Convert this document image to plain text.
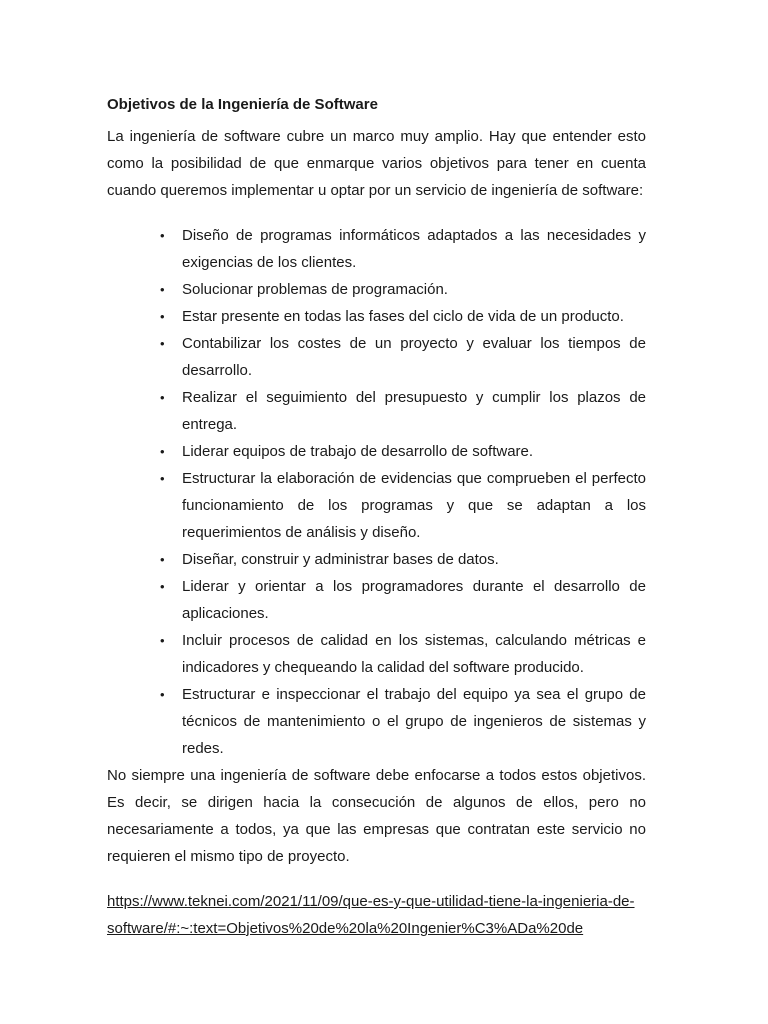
Objetivos de la Ingeniería de Software

La ingeniería de software cubre un marco muy amplio. Hay que entender esto como la posibilidad de que enmarque varios objetivos para tener en cuenta cuando queremos implementar u optar por un servicio de ingeniería de software:

• Diseño de programas informáticos adaptados a las necesidades y exigencias de los clientes.
• Solucionar problemas de programación.
• Estar presente en todas las fases del ciclo de vida de un producto.
• Contabilizar los costes de un proyecto y evaluar los tiempos de desarrollo.
• Realizar el seguimiento del presupuesto y cumplir los plazos de entrega.
• Liderar equipos de trabajo de desarrollo de software.
• Estructurar la elaboración de evidencias que comprueben el perfecto funcionamiento de los programas y que se adaptan a los requerimientos de análisis y diseño.
• Diseñar, construir y administrar bases de datos.
• Liderar y orientar a los programadores durante el desarrollo de aplicaciones.
• Incluir procesos de calidad en los sistemas, calculando métricas e indicadores y chequeando la calidad del software producido.
• Estructurar e inspeccionar el trabajo del equipo ya sea el grupo de técnicos de mantenimiento o el grupo de ingenieros de sistemas y redes.

No siempre una ingeniería de software debe enfocarse a todos estos objetivos. Es decir, se dirigen hacia la consecución de algunos de ellos, pero no necesariamente a todos, ya que las empresas que contratan este servicio no requieren el mismo tipo de proyecto.

https://www.teknei.com/2021/11/09/que-es-y-que-utilidad-tiene-la-ingenieria-de-
software/#:~:text=Objetivos%20de%20la%20Ingenier%C3%ADa%20de
